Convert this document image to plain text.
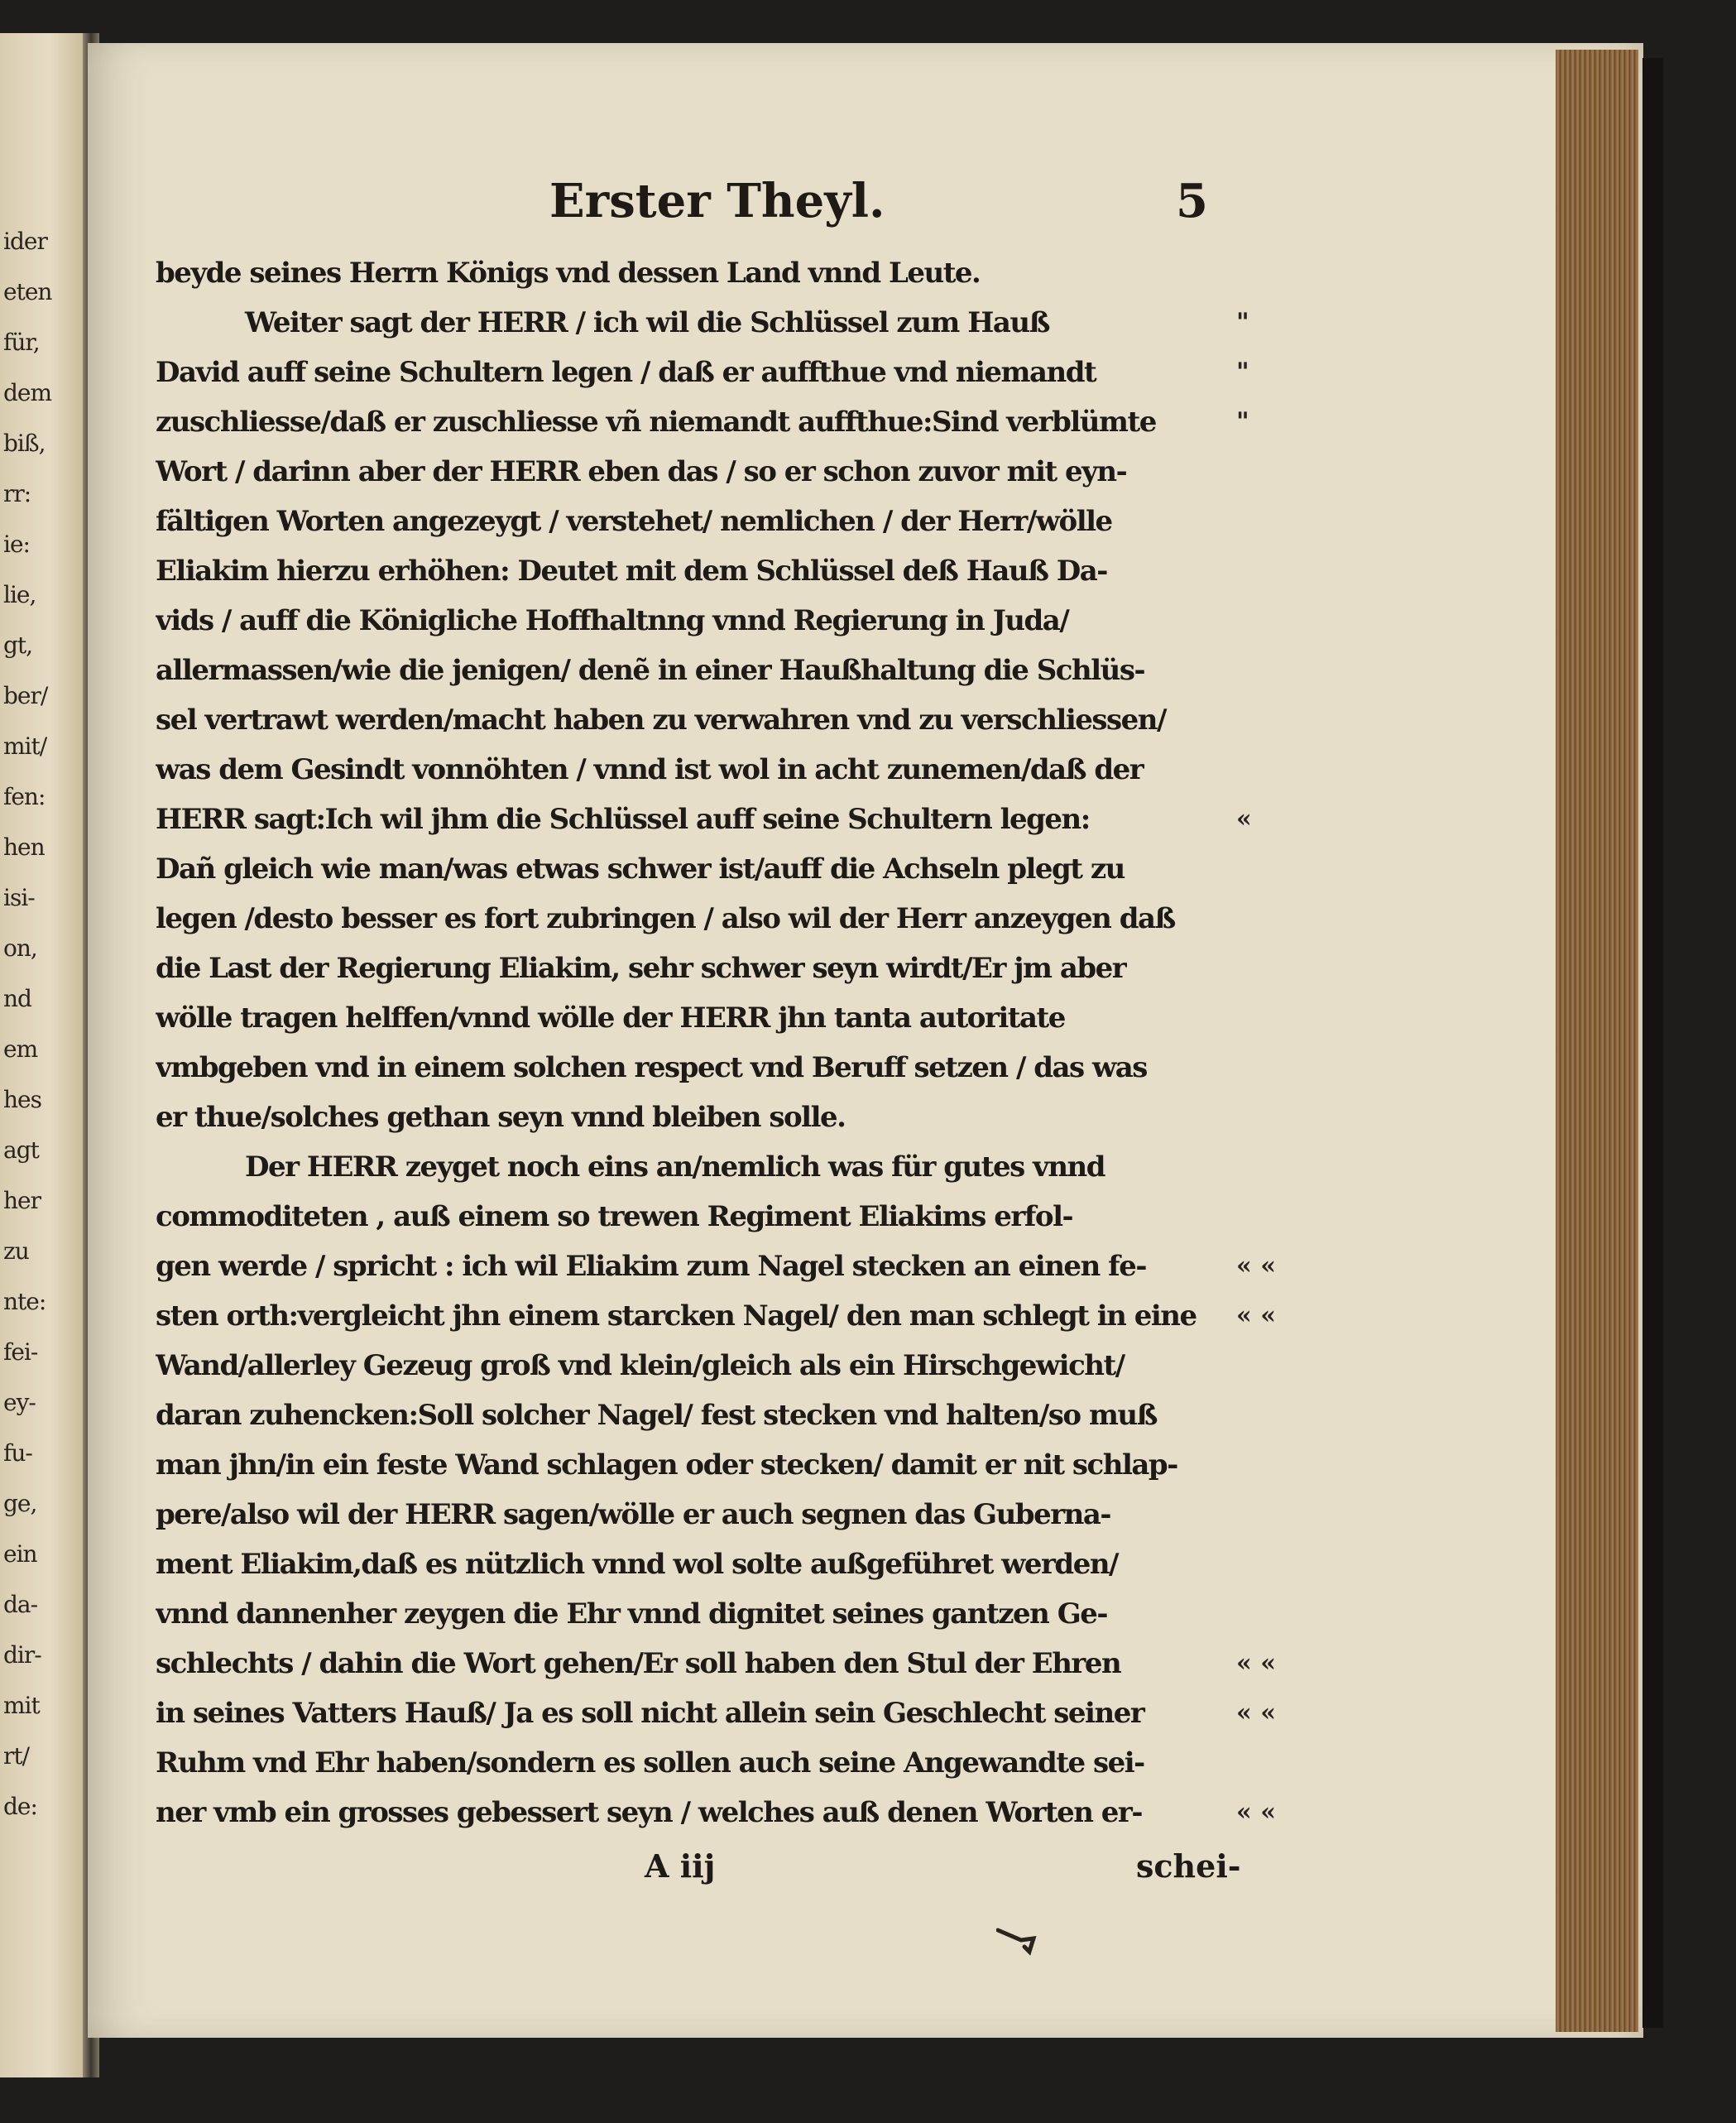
ider
eten
für,
dem
biß,
rr:
ie:
lie,
gt,
ber/
mit/
fen:
hen
isi-
on,
nd
em
hes
agt
her
zu
nte:
fei-
ey-
fu-
ge,
ein
da-
dir-
mit
rt/
de:
Erster Theyl.	5
beyde seines Herrn Königs vnd dessen Land vnnd Leute.
Weiter sagt der HERR / ich wil die Schlüssel zum Hauß
David auff seine Schultern legen / daß er auffthue vnd niemandt
zuschliesse/daß er zuschliesse vñ niemandt auffthue:Sind verblümte
Wort / darinn aber der HERR eben das / so er schon zuvor mit eyn-
fältigen Worten angezeygt / verstehet/ nemlichen / der Herr/wölle
Eliakim hierzu erhöhen: Deutet mit dem Schlüssel deß Hauß Da-
vids / auff die Königliche Hoffhaltnng vnnd Regierung in Juda/
allermassen/wie die jenigen/ denẽ in einer Haußhaltung die Schlüs-
sel vertrawt werden/macht haben zu verwahren vnd zu verschliessen/
was dem Gesindt vonnöhten / vnnd ist wol in acht zunemen/daß der
HERR sagt:Ich wil jhm die Schlüssel auff seine Schultern legen:
Dañ gleich wie man/was etwas schwer ist/auff die Achseln plegt zu
legen /desto besser es fort zubringen / also wil der Herr anzeygen daß
die Last der Regierung Eliakim, sehr schwer seyn wirdt/Er jm aber
wölle tragen helffen/vnnd wölle der HERR jhn tanta autoritate
vmbgeben vnd in einem solchen respect vnd Beruff setzen / das was
er thue/solches gethan seyn vnnd bleiben solle.
Der HERR zeyget noch eins an/nemlich was für gutes vnnd
commoditeten , auß einem so trewen Regiment Eliakims erfol-
gen werde / spricht : ich wil Eliakim zum Nagel stecken an einen fe-
sten orth:vergleicht jhn einem starcken Nagel/ den man schlegt in eine
Wand/allerley Gezeug groß vnd klein/gleich als ein Hirschgewicht/
daran zuhencken:Soll solcher Nagel/ fest stecken vnd halten/so muß
man jhn/in ein feste Wand schlagen oder stecken/ damit er nit schlap-
pere/also wil der HERR sagen/wölle er auch segnen das Guberna-
ment Eliakim,daß es nützlich vnnd wol solte außgeführet werden/
vnnd dannenher zeygen die Ehr vnnd dignitet seines gantzen Ge-
schlechts / dahin die Wort gehen/Er soll haben den Stul der Ehren
in seines Vatters Hauß/ Ja es soll nicht allein sein Geschlecht seiner
Ruhm vnd Ehr haben/sondern es sollen auch seine Angewandte sei-
ner vmb ein grosses gebessert seyn / welches auß denen Worten er-
"
"
"
«
« «
« «
« «
« «
« «
A iij	schei-
